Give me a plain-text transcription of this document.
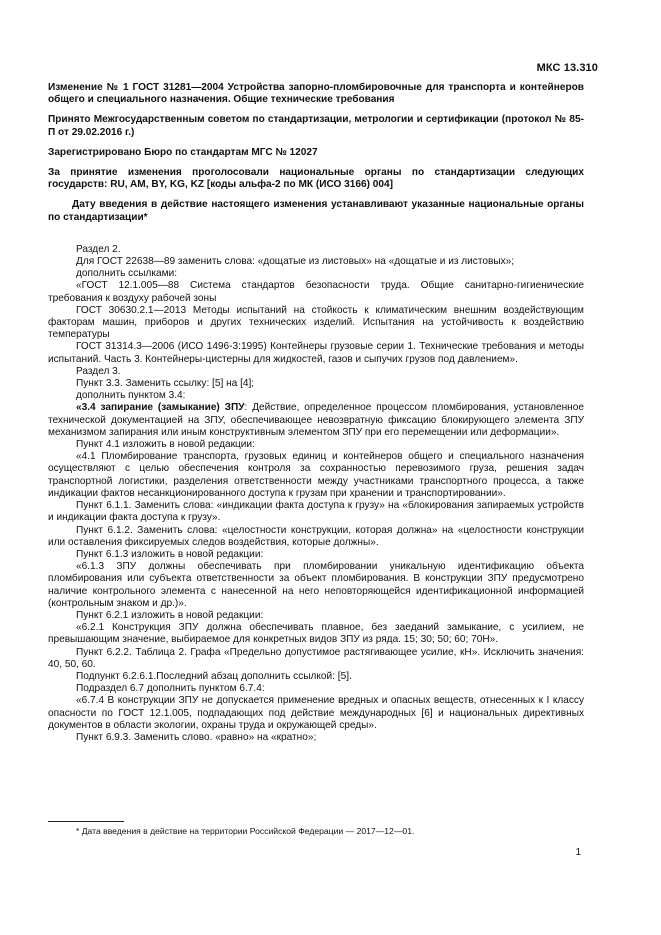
МКС 13.310

Изменение № 1 ГОСТ 31281—2004 Устройства запорно-пломбировочные для транспорта и контейнеров общего и специального назначения. Общие технические требования

Принято Межгосударственным советом по стандартизации, метрологии и сертификации (протокол № 85-П от 29.02.2016 г.)

Зарегистрировано Бюро по стандартам МГС № 12027

За принятие изменения проголосовали национальные органы по стандартизации следующих государств: RU, AM, BY, KG, KZ [коды альфа-2 по МК (ИСО 3166) 004]

Дату введения в действие настоящего изменения устанавливают указанные национальные органы по стандартизации*

Раздел 2.

Для ГОСТ 22638—89 заменить слова: «дощатые из листовых» на «дощатые и из листовых»;

дополнить ссылками:

«ГОСТ 12.1.005—88 Система стандартов безопасности труда. Общие санитарно-гигиенические требования к воздуху рабочей зоны

ГОСТ 30630.2.1—2013 Методы испытаний на стойкость к климатическим внешним воздействующим факторам машин, приборов и других технических изделий. Испытания на устойчивость к воздействию температуры

ГОСТ 31314.3—2006 (ИСО 1496-3:1995) Контейнеры грузовые серии 1. Технические требования и методы испытаний. Часть 3. Контейнеры-цистерны для жидкостей, газов и сыпучих грузов под давлением».

Раздел 3.

Пункт 3.3. Заменить ссылку: [5] на [4];

дополнить пунктом 3.4:

«3.4 запирание (замыкание) ЗПУ: Действие, определенное процессом пломбирования, установленное технической документацией на ЗПУ, обеспечивающее невозвратную фиксацию блокирующего элемента ЗПУ механизмом запирания или иным конструктивным элементом ЗПУ при его перемещении или деформации».

Пункт 4.1 изложить в новой редакции:

«4.1 Пломбирование транспорта, грузовых единиц и контейнеров общего и специального назначения осуществляют с целью обеспечения контроля за сохранностью перевозимого груза, решения задач транспортной логистики, разделения ответственности между участниками транспортного процесса, а также индикации фактов несанкционированного доступа к грузам при хранении и транспортировании».

Пункт 6.1.1. Заменить слова: «индикации факта доступа к грузу» на «блокирования запираемых устройств и индикации факта доступа к грузу».

Пункт 6.1.2. Заменить слова: «целостности конструкции, которая должна» на «целостности конструкции или оставления фиксируемых следов воздействия, которые должны».

Пункт 6.1.3 изложить в новой редакции:

«6.1.3 ЗПУ должны обеспечивать при пломбировании уникальную идентификацию объекта пломбирования или субъекта ответственности за объект пломбирования. В конструкции ЗПУ предусмотрено наличие контрольного элемента с нанесенной на него неповторяющейся идентификационной информацией (контрольным знаком и др.)».

Пункт 6.2.1 изложить в новой редакции:

«6.2.1 Конструкция ЗПУ должна обеспечивать плавное, без заеданий замыкание, с усилием, не превышающим значение, выбираемое для конкретных видов ЗПУ из ряда. 15; 30; 50; 60; 70Н».

Пункт 6.2.2. Таблица 2. Графа «Предельно допустимое растягивающее усилие, кН». Исключить значения: 40, 50, 60.

Подпункт 6.2.6.1.Последний абзац дополнить ссылкой: [5].

Подраздел 6.7 дополнить пунктом 6.7.4:

«6.7.4 В конструкции ЗПУ не допускается применение вредных и опасных веществ, отнесенных к I классу опасности по ГОСТ 12.1.005, подпадающих под действие международных [6] и национальных директивных документов в области экологии, охраны труда и окружающей среды».

Пункт 6.9.3. Заменить слово. «равно» на «кратно»;

* Дата введения в действие на территории Российской Федерации — 2017—12—01.
1
